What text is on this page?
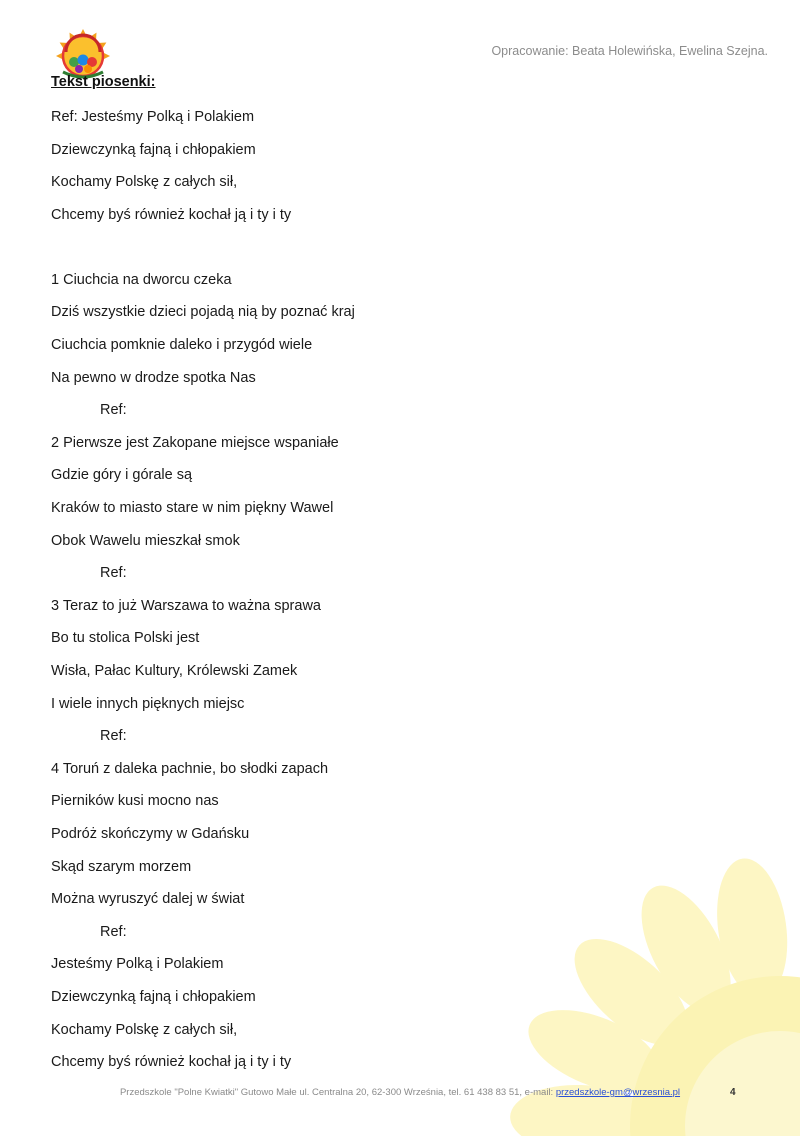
Opracowanie: Beata Holewińska, Ewelina Szejna.
Tekst piosenki:
Ref: Jesteśmy Polką i Polakiem
Dziewczynką fajną i chłopakiem
Kochamy Polskę z całych sił,
Chcemy byś również kochał ją i ty i ty
1 Ciuchcia na dworcu czeka
Dziś wszystkie dzieci pojadą nią by poznać kraj
Ciuchcia pomknie daleko i przygód wiele
Na pewno w drodze spotka Nas
Ref:
2 Pierwsze jest Zakopane miejsce wspaniałe
Gdzie góry i górale są
Kraków to miasto stare w nim piękny Wawel
Obok Wawelu mieszkał smok
Ref:
3 Teraz to już Warszawa to ważna sprawa
Bo tu stolica Polski jest
Wisła, Pałac Kultury, Królewski Zamek
I wiele innych pięknych miejsc
Ref:
4 Toruń z daleka pachnie, bo słodki zapach
Pierników kusi mocno nas
Podróż skończymy w Gdańsku
Skąd szarym morzem
Można wyruszyć dalej w świat
Ref:
Jesteśmy Polką i Polakiem
Dziewczynką fajną i chłopakiem
Kochamy Polskę z całych sił,
Chcemy byś również kochał ją i ty i ty
Przedszkole "Polne Kwiatki" Gutowo Małe ul. Centralna 20, 62-300 Września, tel. 61 438 83 51, e-mail: przedszkole-gm@wrzesnia.pl	4
